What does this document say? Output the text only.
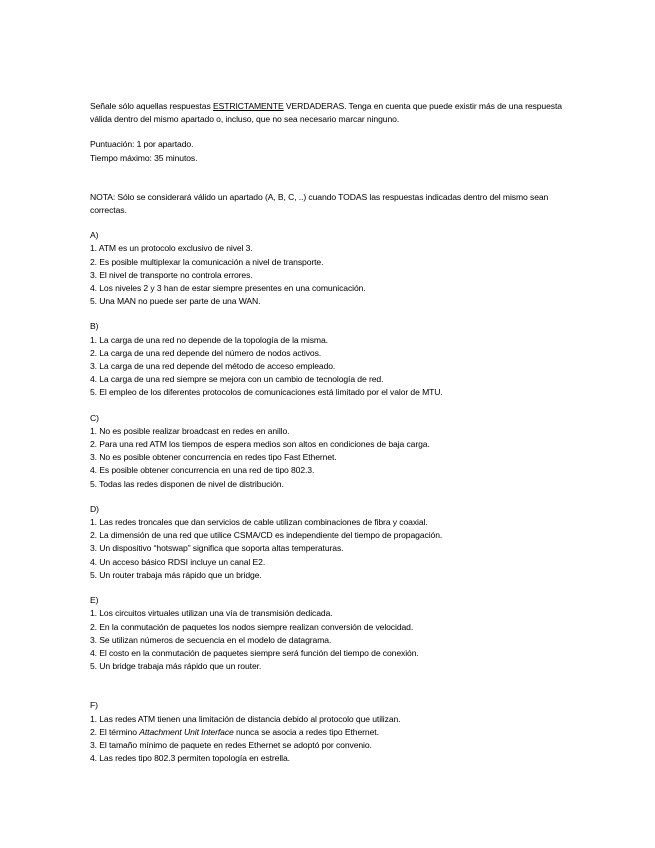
Señale sólo aquellas respuestas ESTRICTAMENTE VERDADERAS. Tenga en cuenta que puede existir más de una respuesta válida dentro del mismo apartado o, incluso, que no sea necesario marcar ninguno.

Puntuación: 1 por apartado.

Tiempo máximo: 35 minutos.

NOTA: Sólo se considerará válido un apartado (A, B, C, ..) cuando TODAS las respuestas indicadas dentro del mismo sean correctas.

A)

1. ATM es un protocolo exclusivo de nivel 3.

2. Es posible multiplexar la comunicación a nivel de transporte.

3. El nivel de transporte no controla errores.

4. Los niveles 2 y 3 han de estar siempre presentes en una comunicación.

5. Una MAN no puede ser parte de una WAN.

B)

1. La carga de una red no depende de la topología de la misma.

2. La carga de una red depende del número de nodos activos.

3. La carga de una red depende del método de acceso empleado.

4. La carga de una red siempre se mejora con un cambio de tecnología de red.

5. El empleo de los diferentes protocolos de comunicaciones está limitado por el valor de MTU.

C)

1. No es posible realizar broadcast en redes en anillo.

2. Para una red ATM los tiempos de espera medios son altos en condiciones de baja carga.

3. No es posible obtener concurrencia en redes tipo Fast Ethernet.

4. Es posible obtener concurrencia en una red de tipo 802.3.

5. Todas las redes disponen de nivel de distribución.

D)

1. Las redes troncales que dan servicios de cable utilizan combinaciones de fibra y coaxial.

2. La dimensión de una red que utilice CSMA/CD es independiente del tiempo de propagación.

3. Un dispositivo “hotswap” significa que soporta altas temperaturas.

4. Un acceso básico RDSI incluye un canal E2.

5. Un router trabaja más rápido que un bridge.

E)

1. Los circuitos virtuales utilizan una vía de transmisión dedicada.

2. En la conmutación de paquetes los nodos siempre realizan conversión de velocidad.

3. Se utilizan números de secuencia en el modelo de datagrama.

4. El costo en la conmutación de paquetes siempre será función del tiempo de conexión.

5. Un bridge trabaja más rápido que un router.

F)

1. Las redes ATM tienen una limitación de distancia debido al protocolo que utilizan.

2. El término Attachment Unit Interface nunca se asocia a redes tipo Ethernet.

3. El tamaño mínimo de paquete en redes Ethernet se adoptó por convenio.

4. Las redes tipo 802.3 permiten topología en estrella.
